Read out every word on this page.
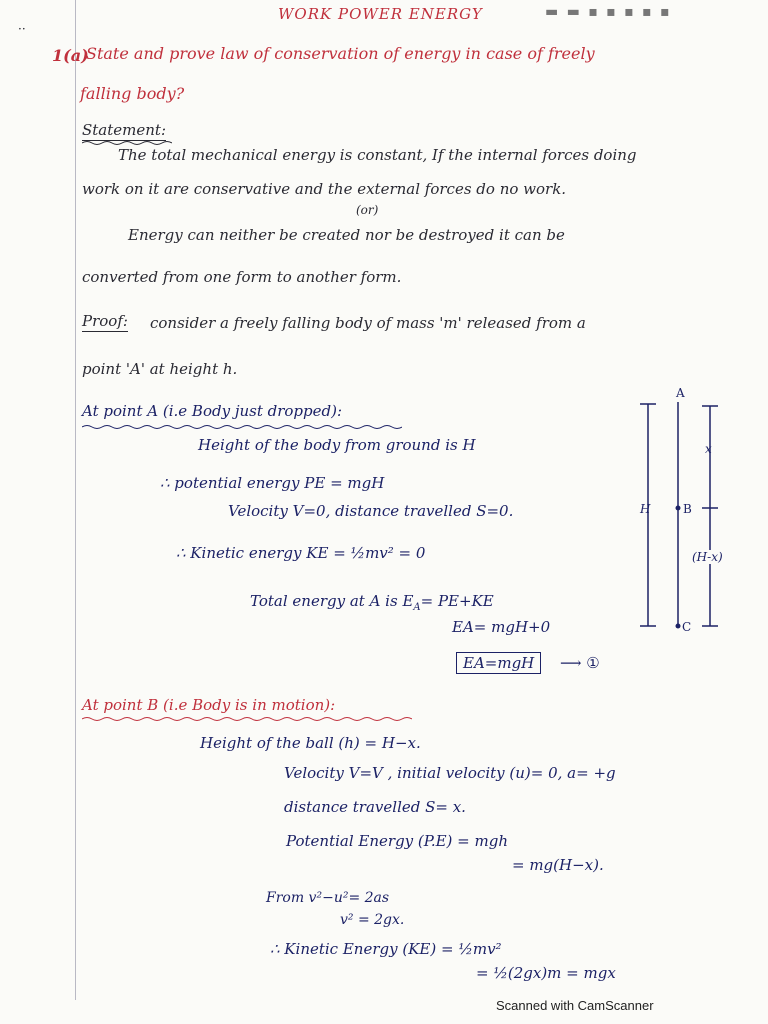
▬ ▬ ▪ ▪ ▪ ▪ ▪
WORK POWER ENERGY
··
1(a)
State and prove law of conservation of energy in case of freely
falling body?
Statement:
The total mechanical energy is constant, If the internal forces doing
work on it are conservative and the external forces do no work.
(or)
Energy can neither be created nor be destroyed it can be
converted from one form to another form.
Proof: consider a freely falling body of mass 'm' released from a
point 'A' at height h.
At point A (i.e Body just dropped):
Height of the body from ground is H
∴ potential energy PE = mgH
Velocity V=0, distance travelled S=0.
∴ Kinetic energy KE = ½mv² = 0
Total energy at A is $E_A= PE+KE$
EA= mgH+0
EA=mgH	⟶ ①
A
B
C
H
x
(H-x)
At point B (i.e Body is in motion):
Height of the ball (h) = H−x.
Velocity V=V , initial velocity (u)= 0, a= +g
distance travelled S= x.
Potential Energy (P.E) = mgh
= mg(H−x).
From v²−u²= 2as
v² = 2gx.
∴ Kinetic Energy (KE) = ½mv²
= ½(2gx)m = mgx
Scanned with CamScanner
